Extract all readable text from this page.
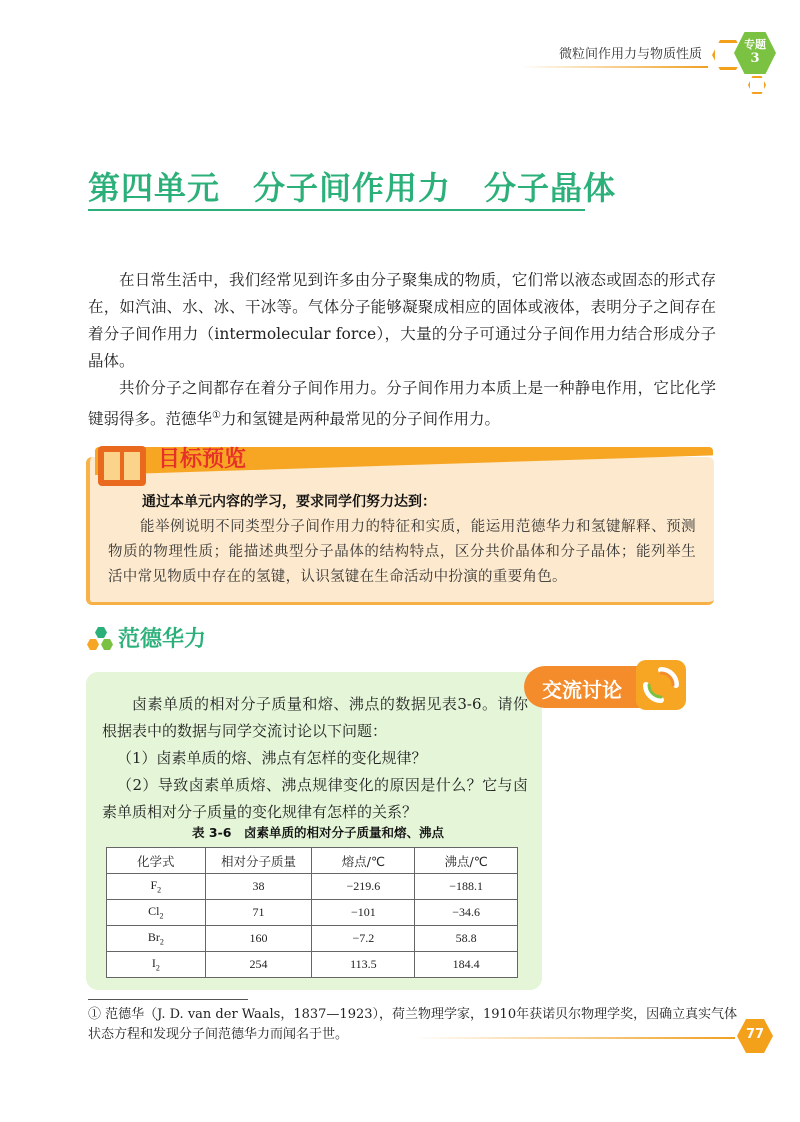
微粒间作用力与物质性质
专题
3
第四单元　分子间作用力　分子晶体
在日常生活中，我们经常见到许多由分子聚集成的物质，它们常以液态或固态的形式存在，如汽油、水、冰、干冰等。气体分子能够凝聚成相应的固体或液体，表明分子之间存在着分子间作用力（intermolecular force），大量的分子可通过分子间作用力结合形成分子晶体。
共价分子之间都存在着分子间作用力。分子间作用力本质上是一种静电作用，它比化学键弱得多。范德华①力和氢键是两种最常见的分子间作用力。
目标预览
通过本单元内容的学习，要求同学们努力达到：
能举例说明不同类型分子间作用力的特征和实质，能运用范德华力和氢键解释、预测物质的物理性质；能描述典型分子晶体的结构特点，区分共价晶体和分子晶体；能列举生活中常见物质中存在的氢键，认识氢键在生命活动中扮演的重要角色。
范德华力
交流讨论
卤素单质的相对分子质量和熔、沸点的数据见表3-6。请你根据表中的数据与同学交流讨论以下问题：
（1）卤素单质的熔、沸点有怎样的变化规律？
（2）导致卤素单质熔、沸点规律变化的原因是什么？它与卤素单质相对分子质量的变化规律有怎样的关系？
表 3-6　卤素单质的相对分子质量和熔、沸点
化学式	相对分子质量	熔点/℃	沸点/℃
$F_2$	38	−219.6	−188.1
$Cl_2$	71	−101	−34.6
$Br_2$	160	−7.2	58.8
$I_2$	254	113.5	184.4
① 范德华（J. D. van der Waals，1837—1923），荷兰物理学家，1910年获诺贝尔物理学奖，因确立真实气体状态方程和发现分子间范德华力而闻名于世。	77
